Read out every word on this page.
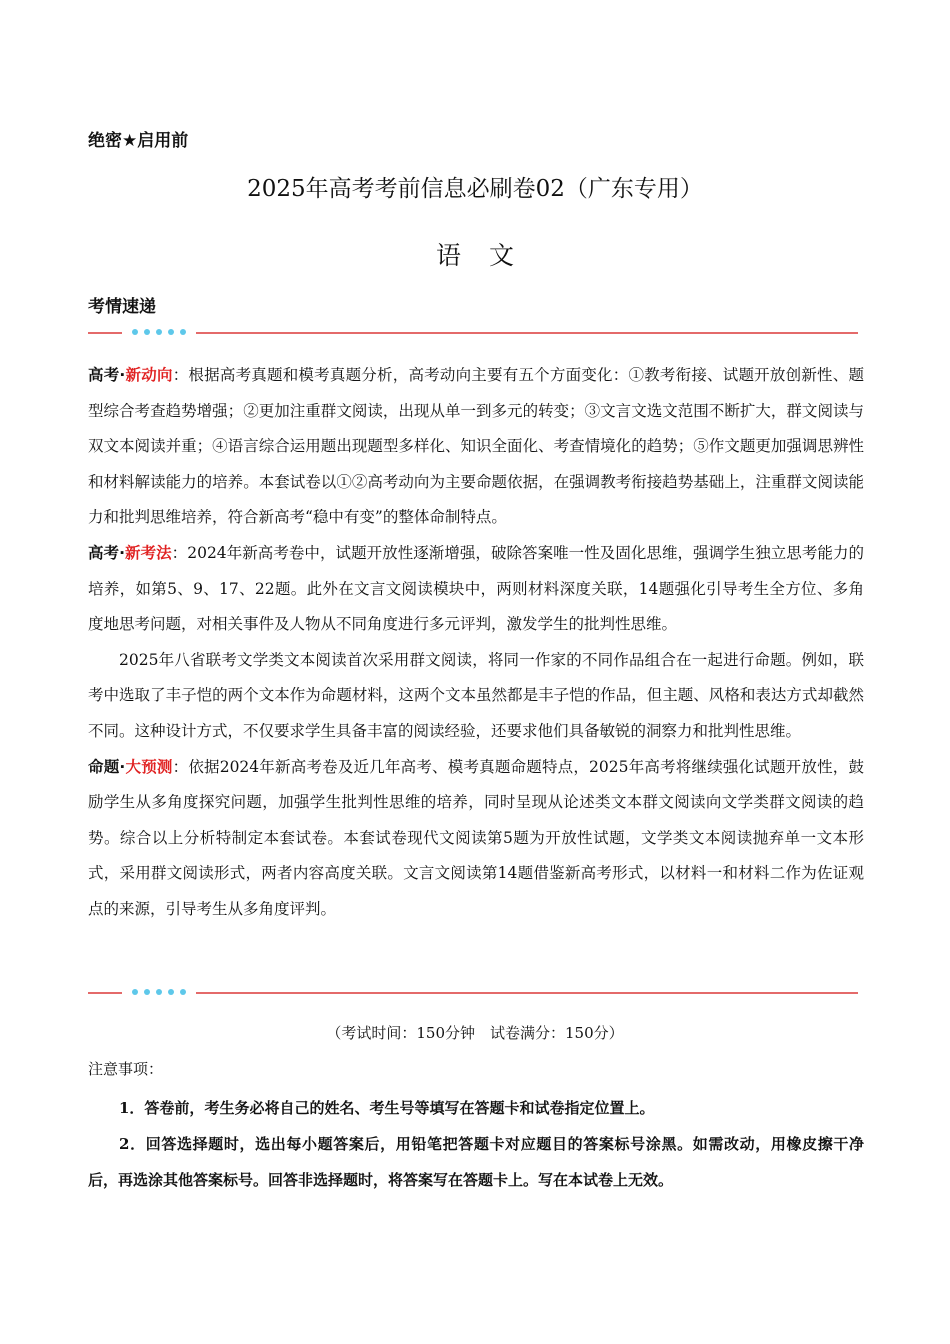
绝密★启用前
2025年高考考前信息必刷卷02（广东专用）
语文
考情速递

高考·新动向：根据高考真题和模考真题分析，高考动向主要有五个方面变化：①教考衔接、试题开放创新性、题型综合考查趋势增强；②更加注重群文阅读，出现从单一到多元的转变；③文言文选文范围不断扩大，群文阅读与双文本阅读并重；④语言综合运用题出现题型多样化、知识全面化、考查情境化的趋势；⑤作文题更加强调思辨性和材料解读能力的培养。本套试卷以①②高考动向为主要命题依据，在强调教考衔接趋势基础上，注重群文阅读能力和批判思维培养，符合新高考“稳中有变”的整体命制特点。

高考·新考法：2024年新高考卷中，试题开放性逐渐增强，破除答案唯一性及固化思维，强调学生独立思考能力的培养，如第5、9、17、22题。此外在文言文阅读模块中，两则材料深度关联，14题强化引导考生全方位、多角度地思考问题，对相关事件及人物从不同角度进行多元评判，激发学生的批判性思维。

2025年八省联考文学类文本阅读首次采用群文阅读，将同一作家的不同作品组合在一起进行命题。例如，联考中选取了丰子恺的两个文本作为命题材料，这两个文本虽然都是丰子恺的作品，但主题、风格和表达方式却截然不同。这种设计方式，不仅要求学生具备丰富的阅读经验，还要求他们具备敏锐的洞察力和批判性思维。

命题·大预测：依据2024年新高考卷及近几年高考、模考真题命题特点，2025年高考将继续强化试题开放性，鼓励学生从多角度探究问题，加强学生批判性思维的培养，同时呈现从论述类文本群文阅读向文学类群文阅读的趋势。综合以上分析特制定本套试卷。本套试卷现代文阅读第5题为开放性试题，文学类文本阅读抛弃单一文本形式，采用群文阅读形式，两者内容高度关联。文言文阅读第14题借鉴新高考形式，以材料一和材料二作为佐证观点的来源，引导考生从多角度评判。

（考试时间：150分钟　试卷满分：150分）
注意事项：

1．答卷前，考生务必将自己的姓名、考生号等填写在答题卡和试卷指定位置上。

2．回答选择题时，选出每小题答案后，用铅笔把答题卡对应题目的答案标号涂黑。如需改动，用橡皮擦干净后，再选涂其他答案标号。回答非选择题时，将答案写在答题卡上。写在本试卷上无效。
